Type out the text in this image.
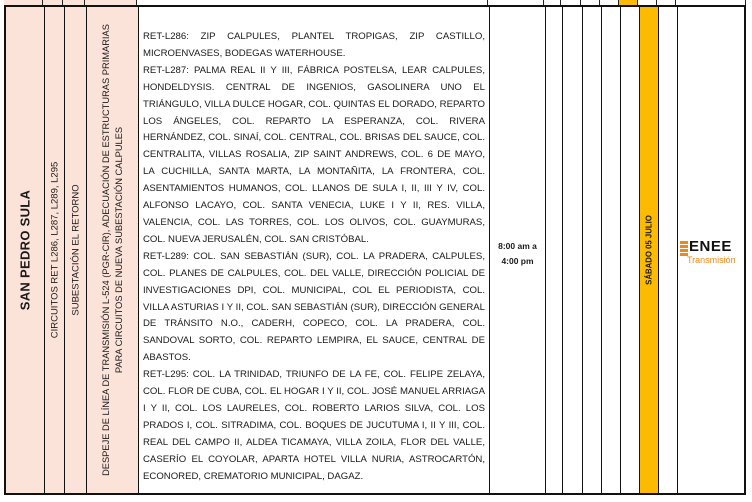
SAN PEDRO SULA CIRCUITOS RET L286, L287, L289, L295 SUBESTACIÓN EL RETORNO DESPEJE DE LÍNEA DE TRANSMISIÓN L-524 (PGR-CIR), ADECUACIÓN DE ESTRUCTURAS PRIMARIAS PARA CIRCUITOS DE NUEVA SUBESTACIÓN CALPULES

RET-L286: ZIP CALPULES, PLANTEL TROPIGAS, ZIP CASTILLO, MICROENVASES, BODEGAS WATERHOUSE.

RET-L287: PALMA REAL II Y III, FÁBRICA POSTELSA, LEAR CALPULES, HONDELDYSIS. CENTRAL DE INGENIOS, GASOLINERA UNO EL TRIÁNGULO, VILLA DULCE HOGAR, COL. QUINTAS EL DORADO, REPARTO LOS ÁNGELES, COL. REPARTO LA ESPERANZA, COL. RIVERA HERNÁNDEZ, COL. SINAÍ, COL. CENTRAL, COL. BRISAS DEL SAUCE, COL. CENTRALITA, VILLAS ROSALIA, ZIP SAINT ANDREWS, COL. 6 DE MAYO, LA CUCHILLA, SANTA MARTA, LA MONTAÑITA, LA FRONTERA, COL. ASENTAMIENTOS HUMANOS, COL. LLANOS DE SULA I, II, III Y IV, COL. ALFONSO LACAYO, COL. SANTA VENECIA, LUKE I Y II, RES. VILLA, VALENCIA, COL. LAS TORRES, COL. LOS OLIVOS, COL. GUAYMURAS, COL. NUEVA JERUSALÉN, COL. SAN CRISTÓBAL.

RET-L289: COL. SAN SEBASTIÁN (SUR), COL. LA PRADERA, CALPULES, COL. PLANES DE CALPULES, COL. DEL VALLE, DIRECCIÓN POLICIAL DE INVESTIGACIONES DPI, COL. MUNICIPAL, COL EL PERIODISTA, COL. VILLA ASTURIAS I Y II, COL. SAN SEBASTIÁN (SUR), DIRECCIÓN GENERAL DE TRÁNSITO N.O., CADERH, COPECO, COL. LA PRADERA, COL. SANDOVAL SORTO, COL. REPARTO LEMPIRA, EL SAUCE, CENTRAL DE ABASTOS.

RET-L295: COL. LA TRINIDAD, TRIUNFO DE LA FE, COL. FELIPE ZELAYA, COL. FLOR DE CUBA, COL. EL HOGAR I Y II, COL. JOSÉ MANUEL ARRIAGA I Y II, COL. LOS LAURELES, COL. ROBERTO LARIOS SILVA, COL. LOS PRADOS I, COL. SITRADIMA, COL. BOQUES DE JUCUTUMA I, II Y III, COL. REAL DEL CAMPO II, ALDEA TICAMAYA, VILLA ZOILA, FLOR DEL VALLE, CASERÍO EL COYOLAR, APARTA HOTEL VILLA NURIA, ASTROCARTÓN, ECONORED, CREMATORIO MUNICIPAL, DAGAZ.

8:00 am a
4:00 pm	SÁBADO 05 JULIO ENEE
Transmisión
